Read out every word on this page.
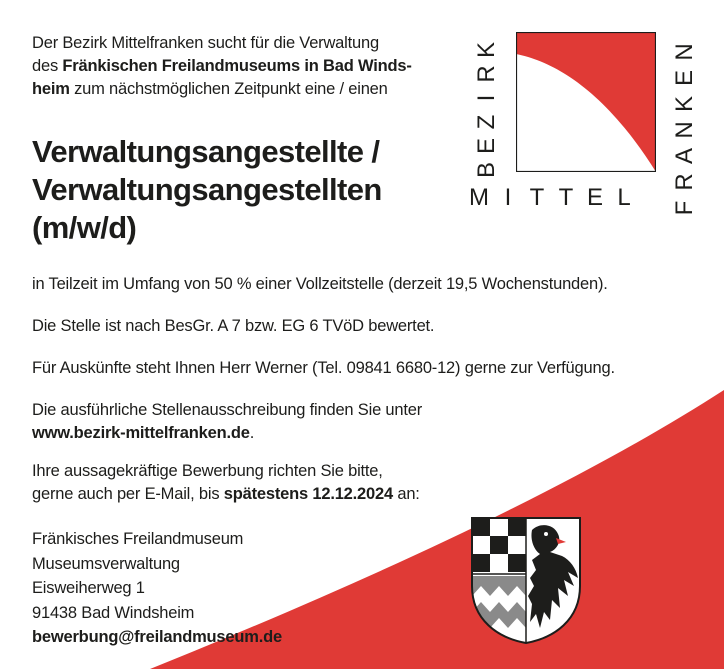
Der Bezirk Mittelfranken sucht für die Verwaltung
des Fränkischen Freilandmuseums in Bad Winds-
heim zum nächstmöglichen Zeitpunkt eine / einen
Verwaltungsangestellte /
Verwaltungsangestellten
(m/w/d)
in Teilzeit im Umfang von 50 % einer Vollzeitstelle (derzeit 19,5 Wochenstunden).
Die Stelle ist nach BesGr. A 7 bzw. EG 6 TVöD bewertet.
Für Auskünfte steht Ihnen Herr Werner (Tel. 09841 6680-12) gerne zur Verfügung.
Die ausführliche Stellenausschreibung finden Sie unter
www.bezirk-mittelfranken.de.
Ihre aussagekräftige Bewerbung richten Sie bitte,
gerne auch per E-Mail, bis spätestens 12.12.2024 an:
Fränkisches Freilandmuseum
Museumsverwaltung
Eisweiherweg 1
91438 Bad Windsheim
bewerbung@freilandmuseum.de
B
E
Z
I
R
K
M I T T E L	F
R
A
N
K
E
N
